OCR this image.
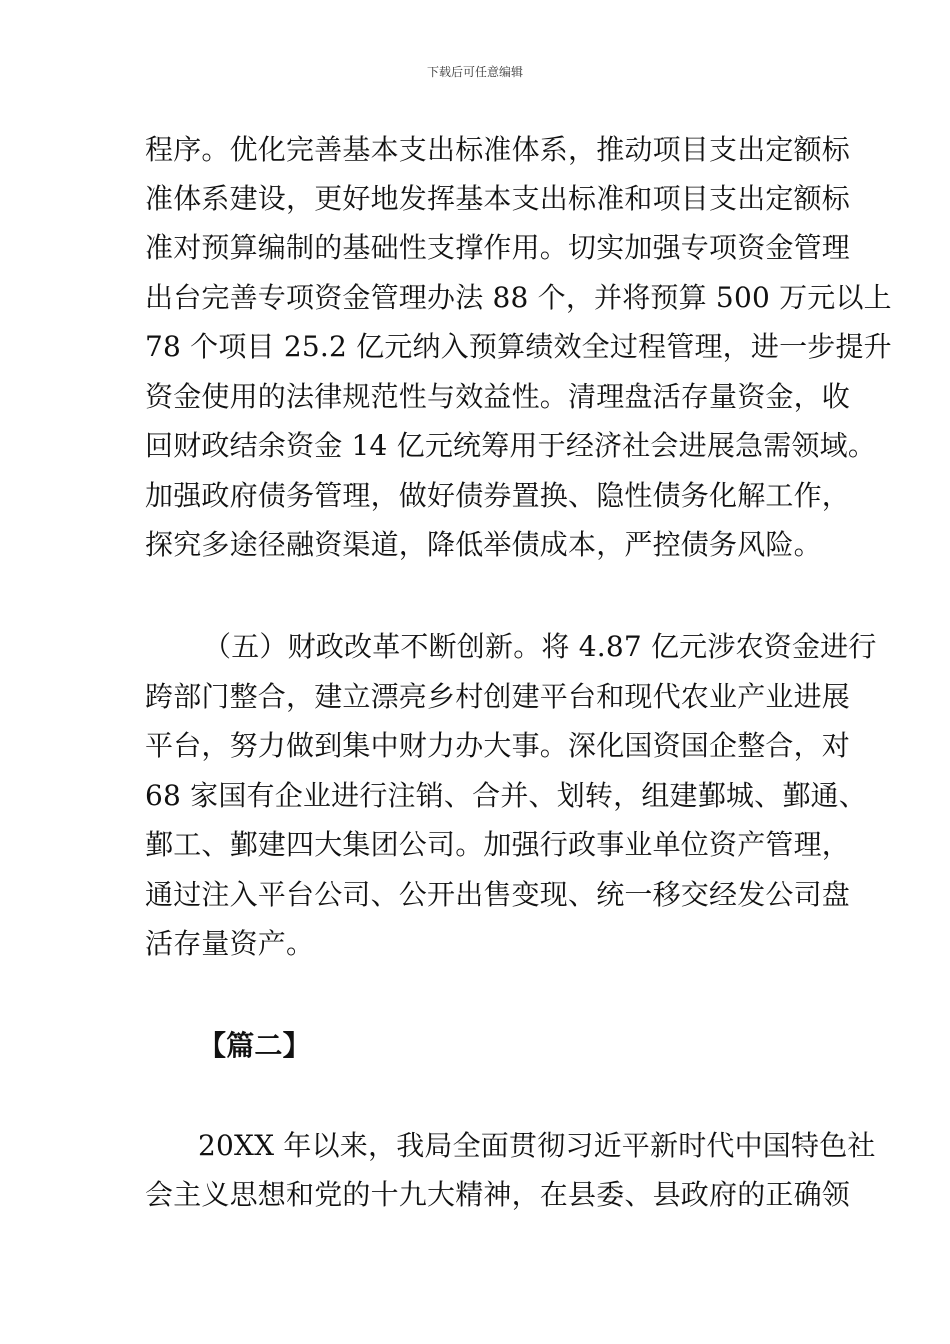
下载后可任意编辑
程序。优化完善基本支出标准体系，推动项目支出定额标
准体系建设，更好地发挥基本支出标准和项目支出定额标
准对预算编制的基础性支撑作用。切实加强专项资金管理
出台完善专项资金管理办法 88 个，并将预算 500 万元以上
78 个项目 25.2 亿元纳入预算绩效全过程管理，进一步提升
资金使用的法律规范性与效益性。清理盘活存量资金，收
回财政结余资金 14 亿元统筹用于经济社会进展急需领域。
加强政府债务管理，做好债券置换、隐性债务化解工作，
探究多途径融资渠道，降低举债成本，严控债务风险。
（五）财政改革不断创新。将 4.87 亿元涉农资金进行
跨部门整合，建立漂亮乡村创建平台和现代农业产业进展
平台，努力做到集中财力办大事。深化国资国企整合，对
68 家国有企业进行注销、合并、划转，组建鄞城、鄞通、
鄞工、鄞建四大集团公司。加强行政事业单位资产管理，
通过注入平台公司、公开出售变现、统一移交经发公司盘
活存量资产。
【篇二】
20XX 年以来，我局全面贯彻习近平新时代中国特色社
会主义思想和党的十九大精神，在县委、县政府的正确领
